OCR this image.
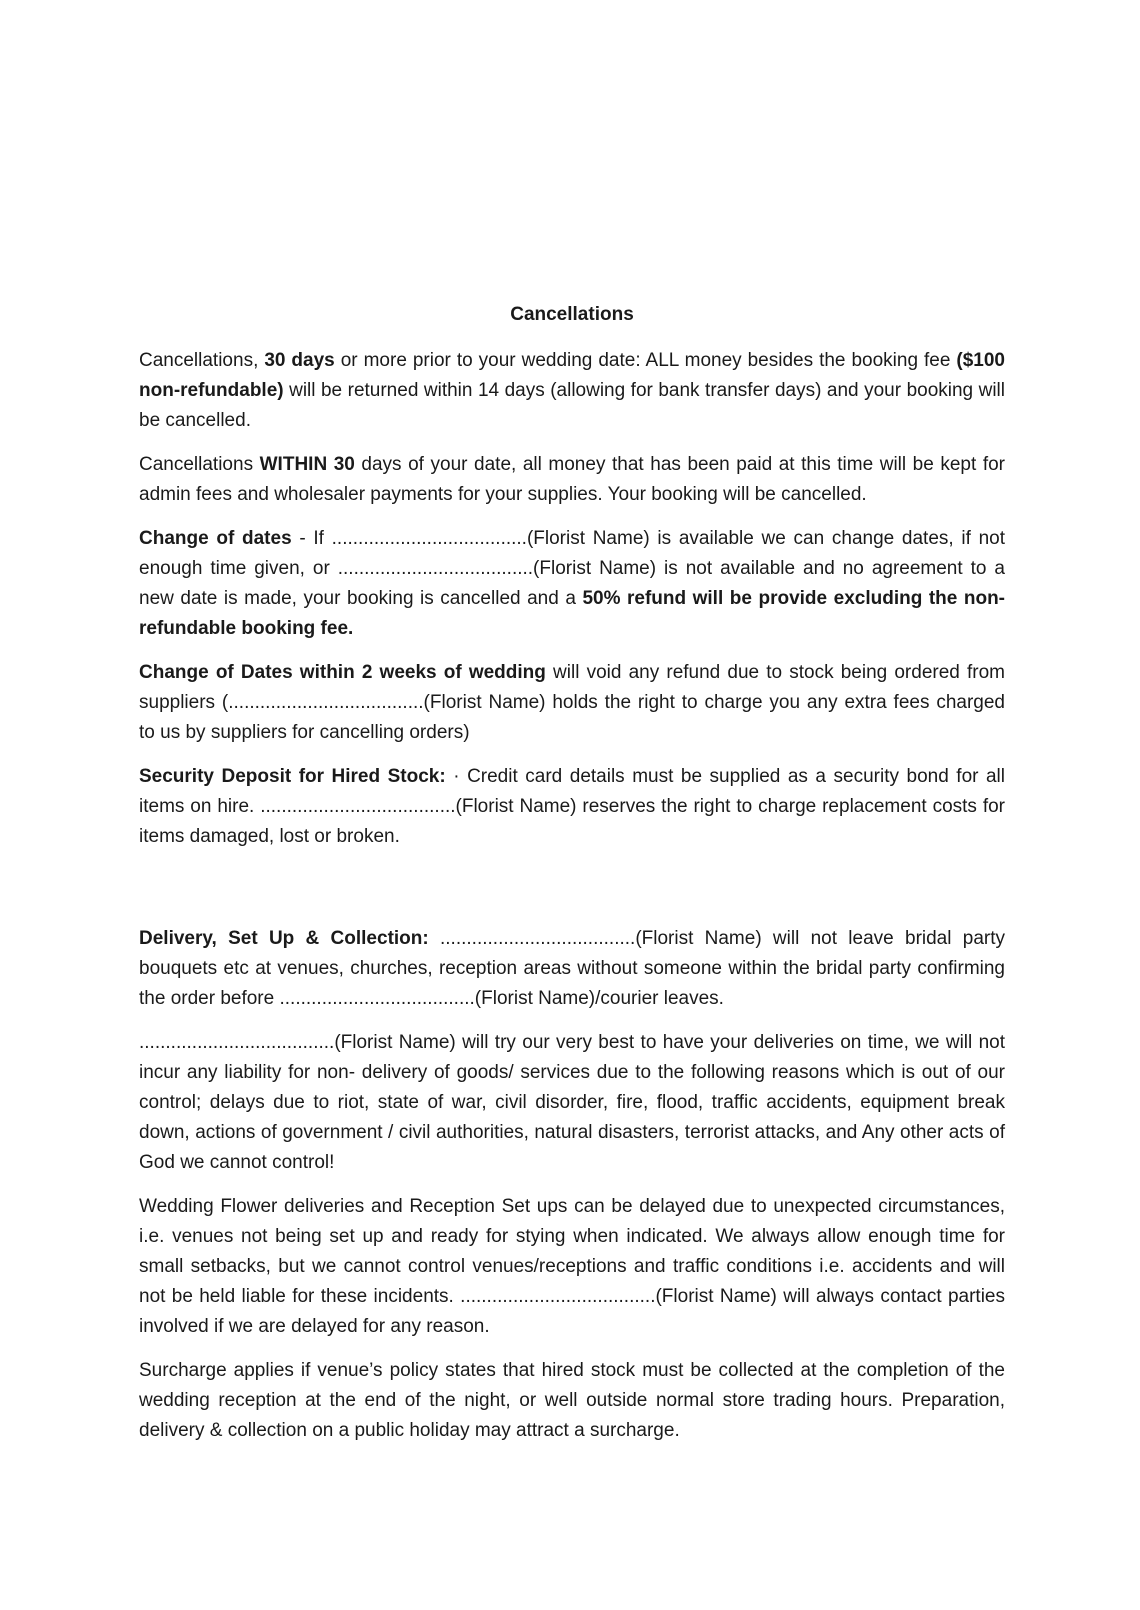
Cancellations

Cancellations, 30 days or more prior to your wedding date: ALL money besides the booking fee ($100 non-refundable) will be returned within 14 days (allowing for bank transfer days) and your booking will be cancelled.

Cancellations WITHIN 30 days of your date, all money that has been paid at this time will be kept for admin fees and wholesaler payments for your supplies. Your booking will be cancelled.

Change of dates - If .....................................(Florist Name) is available we can change dates, if not enough time given, or .....................................(Florist Name) is not available and no agreement to a new date is made, your booking is cancelled and a 50% refund will be provide excluding the non-refundable booking fee.

Change of Dates within 2 weeks of wedding will void any refund due to stock being ordered from suppliers (.....................................(Florist Name) holds the right to charge you any extra fees charged to us by suppliers for cancelling orders)

Security Deposit for Hired Stock: · Credit card details must be supplied as a security bond for all items on hire. .....................................(Florist Name) reserves the right to charge replacement costs for items damaged, lost or broken.

Delivery, Set Up & Collection: .....................................(Florist Name) will not leave bridal party bouquets etc at venues, churches, reception areas without someone within the bridal party confirming the order before .....................................(Florist Name)/courier leaves.

.....................................(Florist Name) will try our very best to have your deliveries on time, we will not incur any liability for non- delivery of goods/ services due to the following reasons which is out of our control; delays due to riot, state of war, civil disorder, fire, flood, traffic accidents, equipment break down, actions of government / civil authorities, natural disasters, terrorist attacks, and Any other acts of God we cannot control!

Wedding Flower deliveries and Reception Set ups can be delayed due to unexpected circumstances, i.e. venues not being set up and ready for stying when indicated. We always allow enough time for small setbacks, but we cannot control venues/receptions and traffic conditions i.e. accidents and will not be held liable for these incidents. .....................................(Florist Name) will always contact parties involved if we are delayed for any reason.

Surcharge applies if venue’s policy states that hired stock must be collected at the completion of the wedding reception at the end of the night, or well outside normal store trading hours. Preparation, delivery & collection on a public holiday may attract a surcharge.
